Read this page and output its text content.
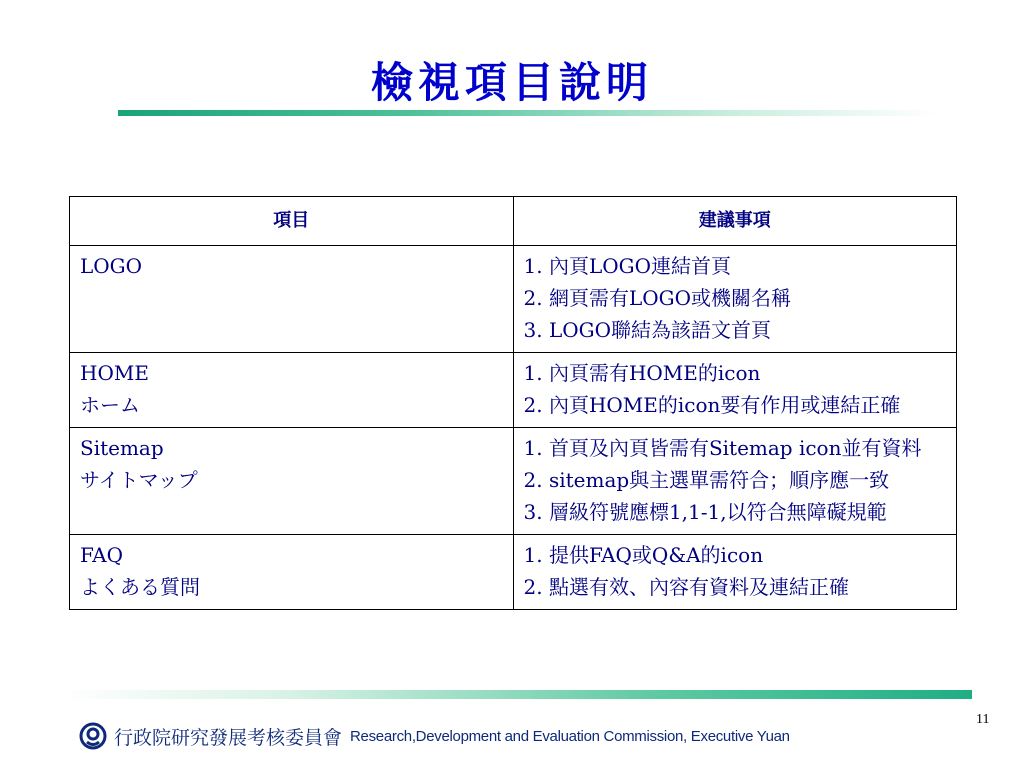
檢視項目說明
項目	建議事項

LOGO	1. 內頁LOGO連結首頁
2. 網頁需有LOGO或機關名稱
3. LOGO聯結為該語文首頁

HOME
ホーム	1. 內頁需有HOME的icon
2. 內頁HOME的icon要有作用或連結正確

Sitemap
サイトマップ	1. 首頁及內頁皆需有Sitemap icon並有資料
2. sitemap與主選單需符合；順序應一致
3. 層級符號應標1,1-1,以符合無障礙規範

FAQ
よくある質問	1. 提供FAQ或Q&A的icon
2. 點選有效、內容有資料及連結正確
行政院研究發展考核委員會 Research,Development and Evaluation Commission, Executive Yuan
11
